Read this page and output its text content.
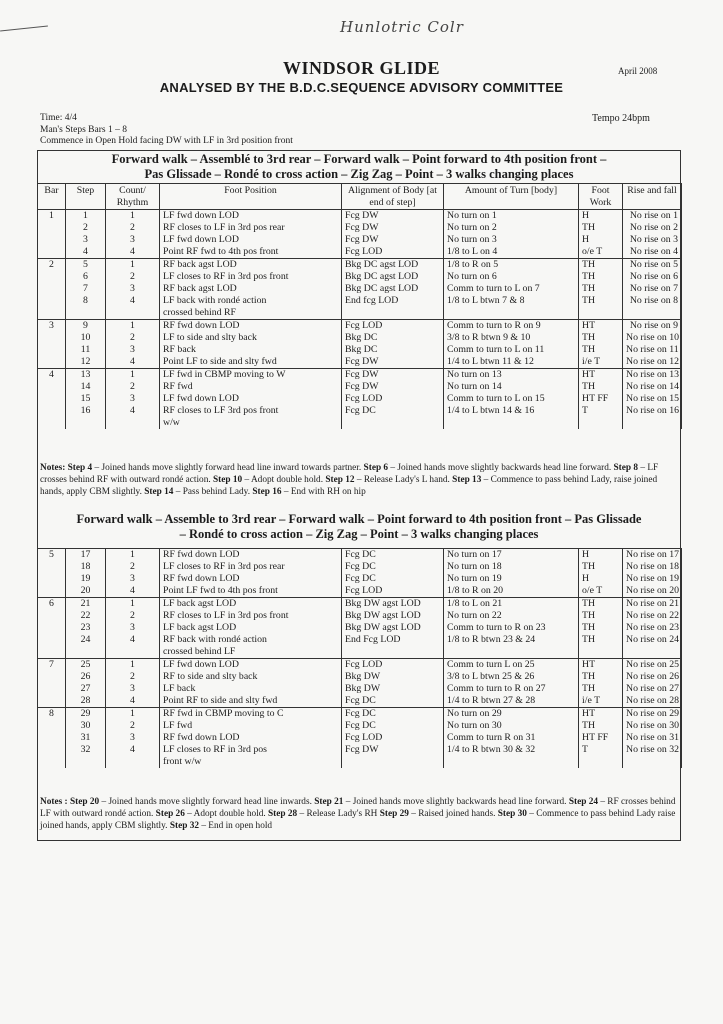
Hunlotric Colr
WINDSOR GLIDE	April 2008
ANALYSED BY THE B.D.C.SEQUENCE ADVISORY COMMITTEE
Time: 4/4
Man's Steps Bars 1 – 8
Commence in Open Hold facing DW with LF in 3rd position front
Tempo 24bpm
Forward walk – Assemblé to 3rd rear – Forward walk – Point forward to 4th position front –
Pas Glissade – Rondé to cross action – Zig Zag – Point – 3 walks changing places
Bar	Step	Count/ Rhythm	Foot Position	Alignment of Body [at end of step]	Amount of Turn [body]	Foot Work	Rise and fall
1	1	1	LF fwd down LOD	Fcg DW	No turn on 1	H	No rise on 1
	2	2	RF closes to LF in 3rd pos rear	Fcg DW	No turn on 2	TH	No rise on 2
	3	3	LF fwd down LOD	Fcg DW	No turn on 3	H	No rise on 3
	4	4	Point RF fwd to 4th pos front	Fcg LOD	1/8 to L on 4	o/e T	No rise on 4
2	5	1	RF back agst LOD	Bkg DC agst LOD	1/8 to R on 5	TH	No rise on 5
	6	2	LF closes to RF in 3rd pos front	Bkg DC agst LOD	No turn on 6	TH	No rise on 6
	7	3	RF back agst LOD	Bkg DC agst LOD	Comm to turn to L on 7	TH	No rise on 7
	8	4	LF back with rondé action	End fcg LOD	1/8 to L btwn 7 & 8	TH	No rise on 8
			crossed behind RF				
3	9	1	RF fwd down LOD	Fcg LOD	Comm to turn to R on 9	HT	No rise on 9
	10	2	LF to side and slty back	Bkg DC	3/8 to R btwn 9 & 10	TH	No rise on 10
	11	3	RF back	Bkg DC	Comm to turn to L on 11	TH	No rise on 11
	12	4	Point LF to side and slty fwd	Fcg DW	1/4 to L btwn 11 & 12	i/e T	No rise on 12
4	13	1	LF fwd in CBMP moving to W	Fcg DW	No turn on 13	HT	No rise on 13
	14	2	RF fwd	Fcg DW	No turn on 14	TH	No rise on 14
	15	3	LF fwd down LOD	Fcg LOD	Comm to turn to L on 15	HT FF	No rise on 15
	16	4	RF closes to LF 3rd pos front	Fcg DC	1/4 to L btwn 14 & 16	T	No rise on 16
			w/w				
Notes: Step 4 – Joined hands move slightly forward head line inward towards partner. Step 6 – Joined hands move slightly backwards head line forward. Step 8 – LF crosses behind RF with outward rondé action. Step 10 – Adopt double hold. Step 12 – Release Lady's L hand. Step 13 – Commence to pass behind Lady, raise joined hands, apply CBM slightly. Step 14 – Pass behind Lady. Step 16 – End with RH on hip
Forward walk – Assemble to 3rd rear – Forward walk – Point forward to 4th position front – Pas Glissade
– Rondé to cross action – Zig Zag – Point – 3 walks changing places
5	17	1	RF fwd down LOD	Fcg DC	No turn on 17	H	No rise on 17
	18	2	LF closes to RF in 3rd pos rear	Fcg DC	No turn on 18	TH	No rise on 18
	19	3	RF fwd down LOD	Fcg DC	No turn on 19	H	No rise on 19
	20	4	Point LF fwd to 4th pos front	Fcg LOD	1/8 to R on 20	o/e T	No rise on 20
6	21	1	LF back agst LOD	Bkg DW agst LOD	1/8 to L on 21	TH	No rise on 21
	22	2	RF closes to LF in 3rd pos front	Bkg DW agst LOD	No turn on 22	TH	No rise on 22
	23	3	LF back agst LOD	Bkg DW agst LOD	Comm to turn to R on 23	TH	No rise on 23
	24	4	RF back with rondé action	End Fcg LOD	1/8 to R btwn 23 & 24	TH	No rise on 24
			crossed behind LF				
7	25	1	LF fwd down LOD	Fcg LOD	Comm to turn L on 25	HT	No rise on 25
	26	2	RF to side and slty back	Bkg DW	3/8 to L btwn 25 & 26	TH	No rise on 26
	27	3	LF back	Bkg DW	Comm to turn to R on 27	TH	No rise on 27
	28	4	Point RF to side and slty fwd	Fcg DC	1/4 to R btwn 27 & 28	i/e T	No rise on 28
8	29	1	RF fwd in CBMP moving to C	Fcg DC	No turn on 29	HT	No rise on 29
	30	2	LF fwd	Fcg DC	No turn on 30	TH	No rise on 30
	31	3	RF fwd down LOD	Fcg LOD	Comm to turn R on 31	HT FF	No rise on 31
	32	4	LF closes to RF in 3rd pos	Fcg DW	1/4 to R btwn 30 & 32	T	No rise on 32
			front w/w				
Notes : Step 20 – Joined hands move slightly forward head line inwards. Step 21 – Joined hands move slightly backwards head line forward. Step 24 – RF crosses behind LF with outward rondé action. Step 26 – Adopt double hold. Step 28 – Release Lady's RH Step 29 – Raised joined hands. Step 30 – Commence to pass behind Lady raise joined hands, apply CBM slightly. Step 32 – End in open hold
